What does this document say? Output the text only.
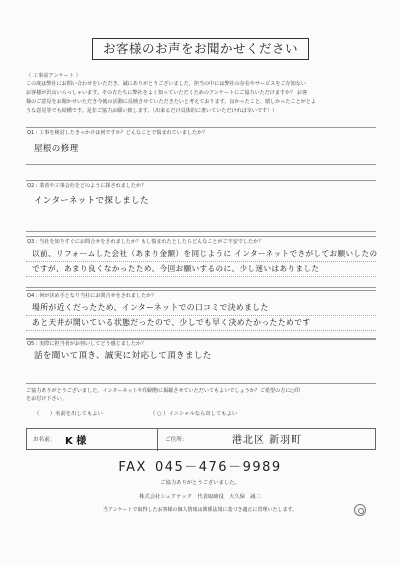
お客様のお声をお聞かせください
（ 工事前アンケート ）
この度は弊社にお問い合わせをいただき、誠にありがとうございました。担当の中には弊社の存在やサービスをご存知ない
お客様が沢山いらっしゃいます。その方たちに弊社をよく知っていただくためのアンケートにご協力いただけますか？ お客
様のご意見をお聞かせいただき今後の活動に反映させていただきたいと考えております。良かったこと、嬉しかったことがとよ
うな意見等でも結構です。是非ご協力お願い致します。（出来るだけ具体的に書いていただければ幸いです！）
Q1 : 工事を検討したきっかけは何ですか？どんなことで悩まれていましたか？
屋根の修理
Q2 : 業者や工事会社をどのように探されましたか？
インターネットで探しました
Q3 : 当社を知りすぐにお問合せをされましたか？もし悩まれたとしたらどんなことがご不安でしたか？
以前、リフォームした会社（あまり金額）を同じように インターネットでさがしてお願いしたの
ですが、あまり良くなかったため、今回お願いするのに、少し迷いはありました
Q4 : 何が決め手となり当社にお問合せをされましたか？
場所が近くだったため、インターネットでの口コミで決めました
あと天井が開いている状態だったので、少しでも早く決めたかったためです
Q5 : 実際に担当者がお伺いしてどう感じましたか？
話を聞いて頂き、誠実に対応して頂きました
ご協力ありがとうございました。インターネットや印刷物に掲載させていただいてもよいでしょうか？ご希望の方に○印
をお付け下さい。
（　　）名前を出してもよい	（ ○ ）イニシャルなら出してもよい
お名前： K 様	ご住所：	港北区 新羽町
FAX 045－476－9989
ご協力ありがとうございました。
株式会社シェアテック　代表取締役　大久保　誠二
当アンケートで取得したお客様の個人情報は関係法規に基づき適正に管理いたします。
